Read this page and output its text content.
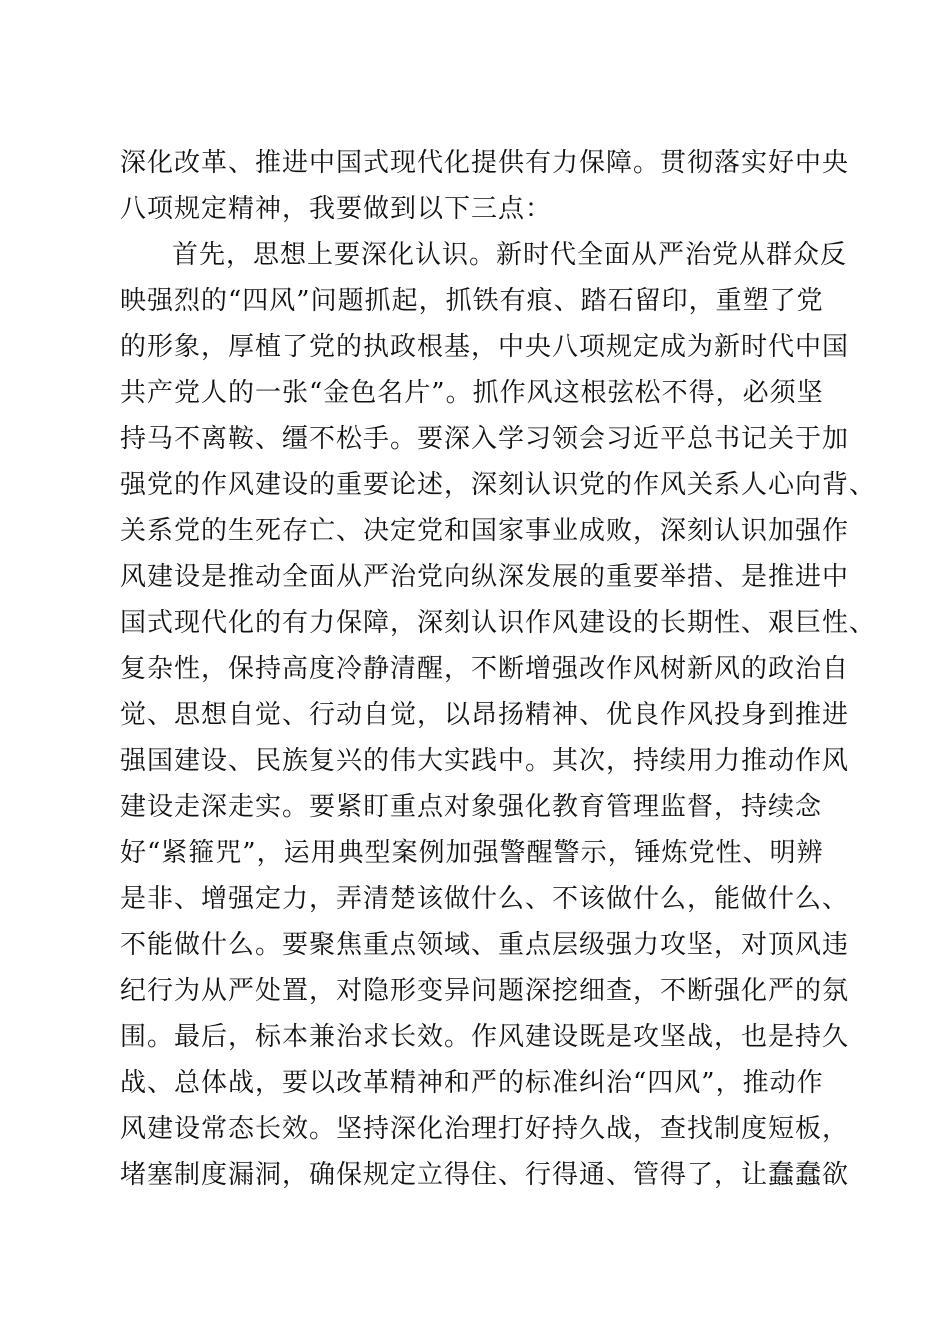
深化改革、推进中国式现代化提供有力保障。贯彻落实好中央
八项规定精神，我要做到以下三点：
首先，思想上要深化认识。新时代全面从严治党从群众反
映强烈的“四风”问题抓起，抓铁有痕、踏石留印，重塑了党
的形象，厚植了党的执政根基，中央八项规定成为新时代中国
共产党人的一张“金色名片”。抓作风这根弦松不得，必须坚
持马不离鞍、缰不松手。要深入学习领会习近平总书记关于加
强党的作风建设的重要论述，深刻认识党的作风关系人心向背、
关系党的生死存亡、决定党和国家事业成败，深刻认识加强作
风建设是推动全面从严治党向纵深发展的重要举措、是推进中
国式现代化的有力保障，深刻认识作风建设的长期性、艰巨性、
复杂性，保持高度冷静清醒，不断增强改作风树新风的政治自
觉、思想自觉、行动自觉，以昂扬精神、优良作风投身到推进
强国建设、民族复兴的伟大实践中。其次，持续用力推动作风
建设走深走实。要紧盯重点对象强化教育管理监督，持续念
好“紧箍咒”，运用典型案例加强警醒警示，锤炼党性、明辨
是非、增强定力，弄清楚该做什么、不该做什么，能做什么、
不能做什么。要聚焦重点领域、重点层级强力攻坚，对顶风违
纪行为从严处置，对隐形变异问题深挖细查，不断强化严的氛
围。最后，标本兼治求长效。作风建设既是攻坚战，也是持久
战、总体战，要以改革精神和严的标准纠治“四风”，推动作
风建设常态长效。坚持深化治理打好持久战，查找制度短板，
堵塞制度漏洞，确保规定立得住、行得通、管得了，让蠢蠢欲
